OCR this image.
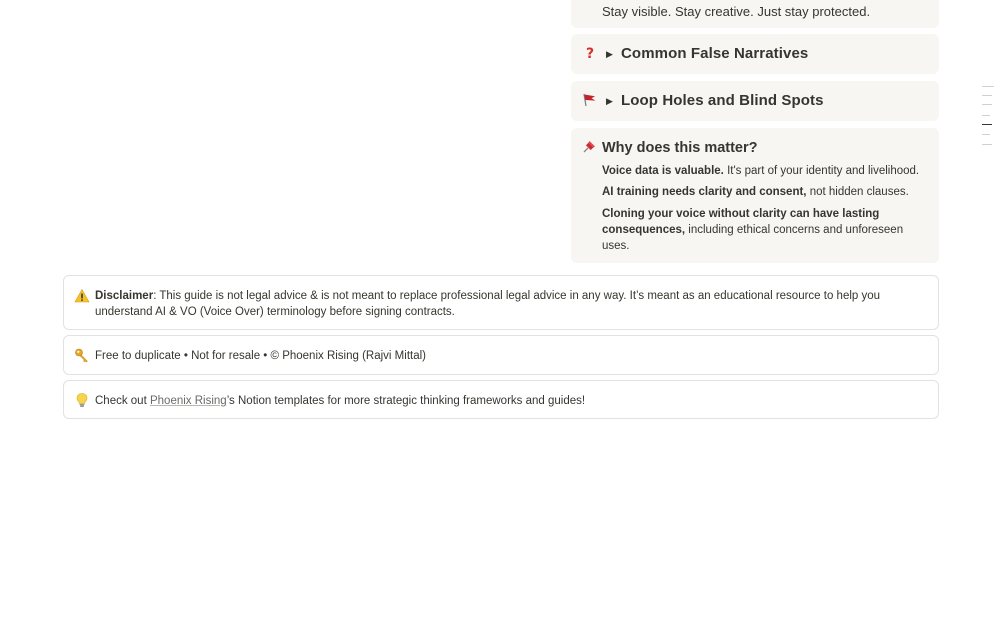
Stay visible. Stay creative. Just stay protected.
? ▶ Common False Narratives
▶ Loop Holes and Blind Spots
Why does this matter?
Voice data is valuable. It's part of your identity and livelihood.
AI training needs clarity and consent, not hidden clauses.
Cloning your voice without clarity can have lasting consequences, including ethical concerns and unforeseen uses.
Disclaimer: This guide is not legal advice & is not meant to replace professional legal advice in any way. It’s meant as an educational resource to help you understand AI & VO (Voice Over) terminology before signing contracts.
Free to duplicate • Not for resale • © Phoenix Rising (Rajvi Mittal)
Check out Phoenix Rising’s Notion templates for more strategic thinking frameworks and guides!
